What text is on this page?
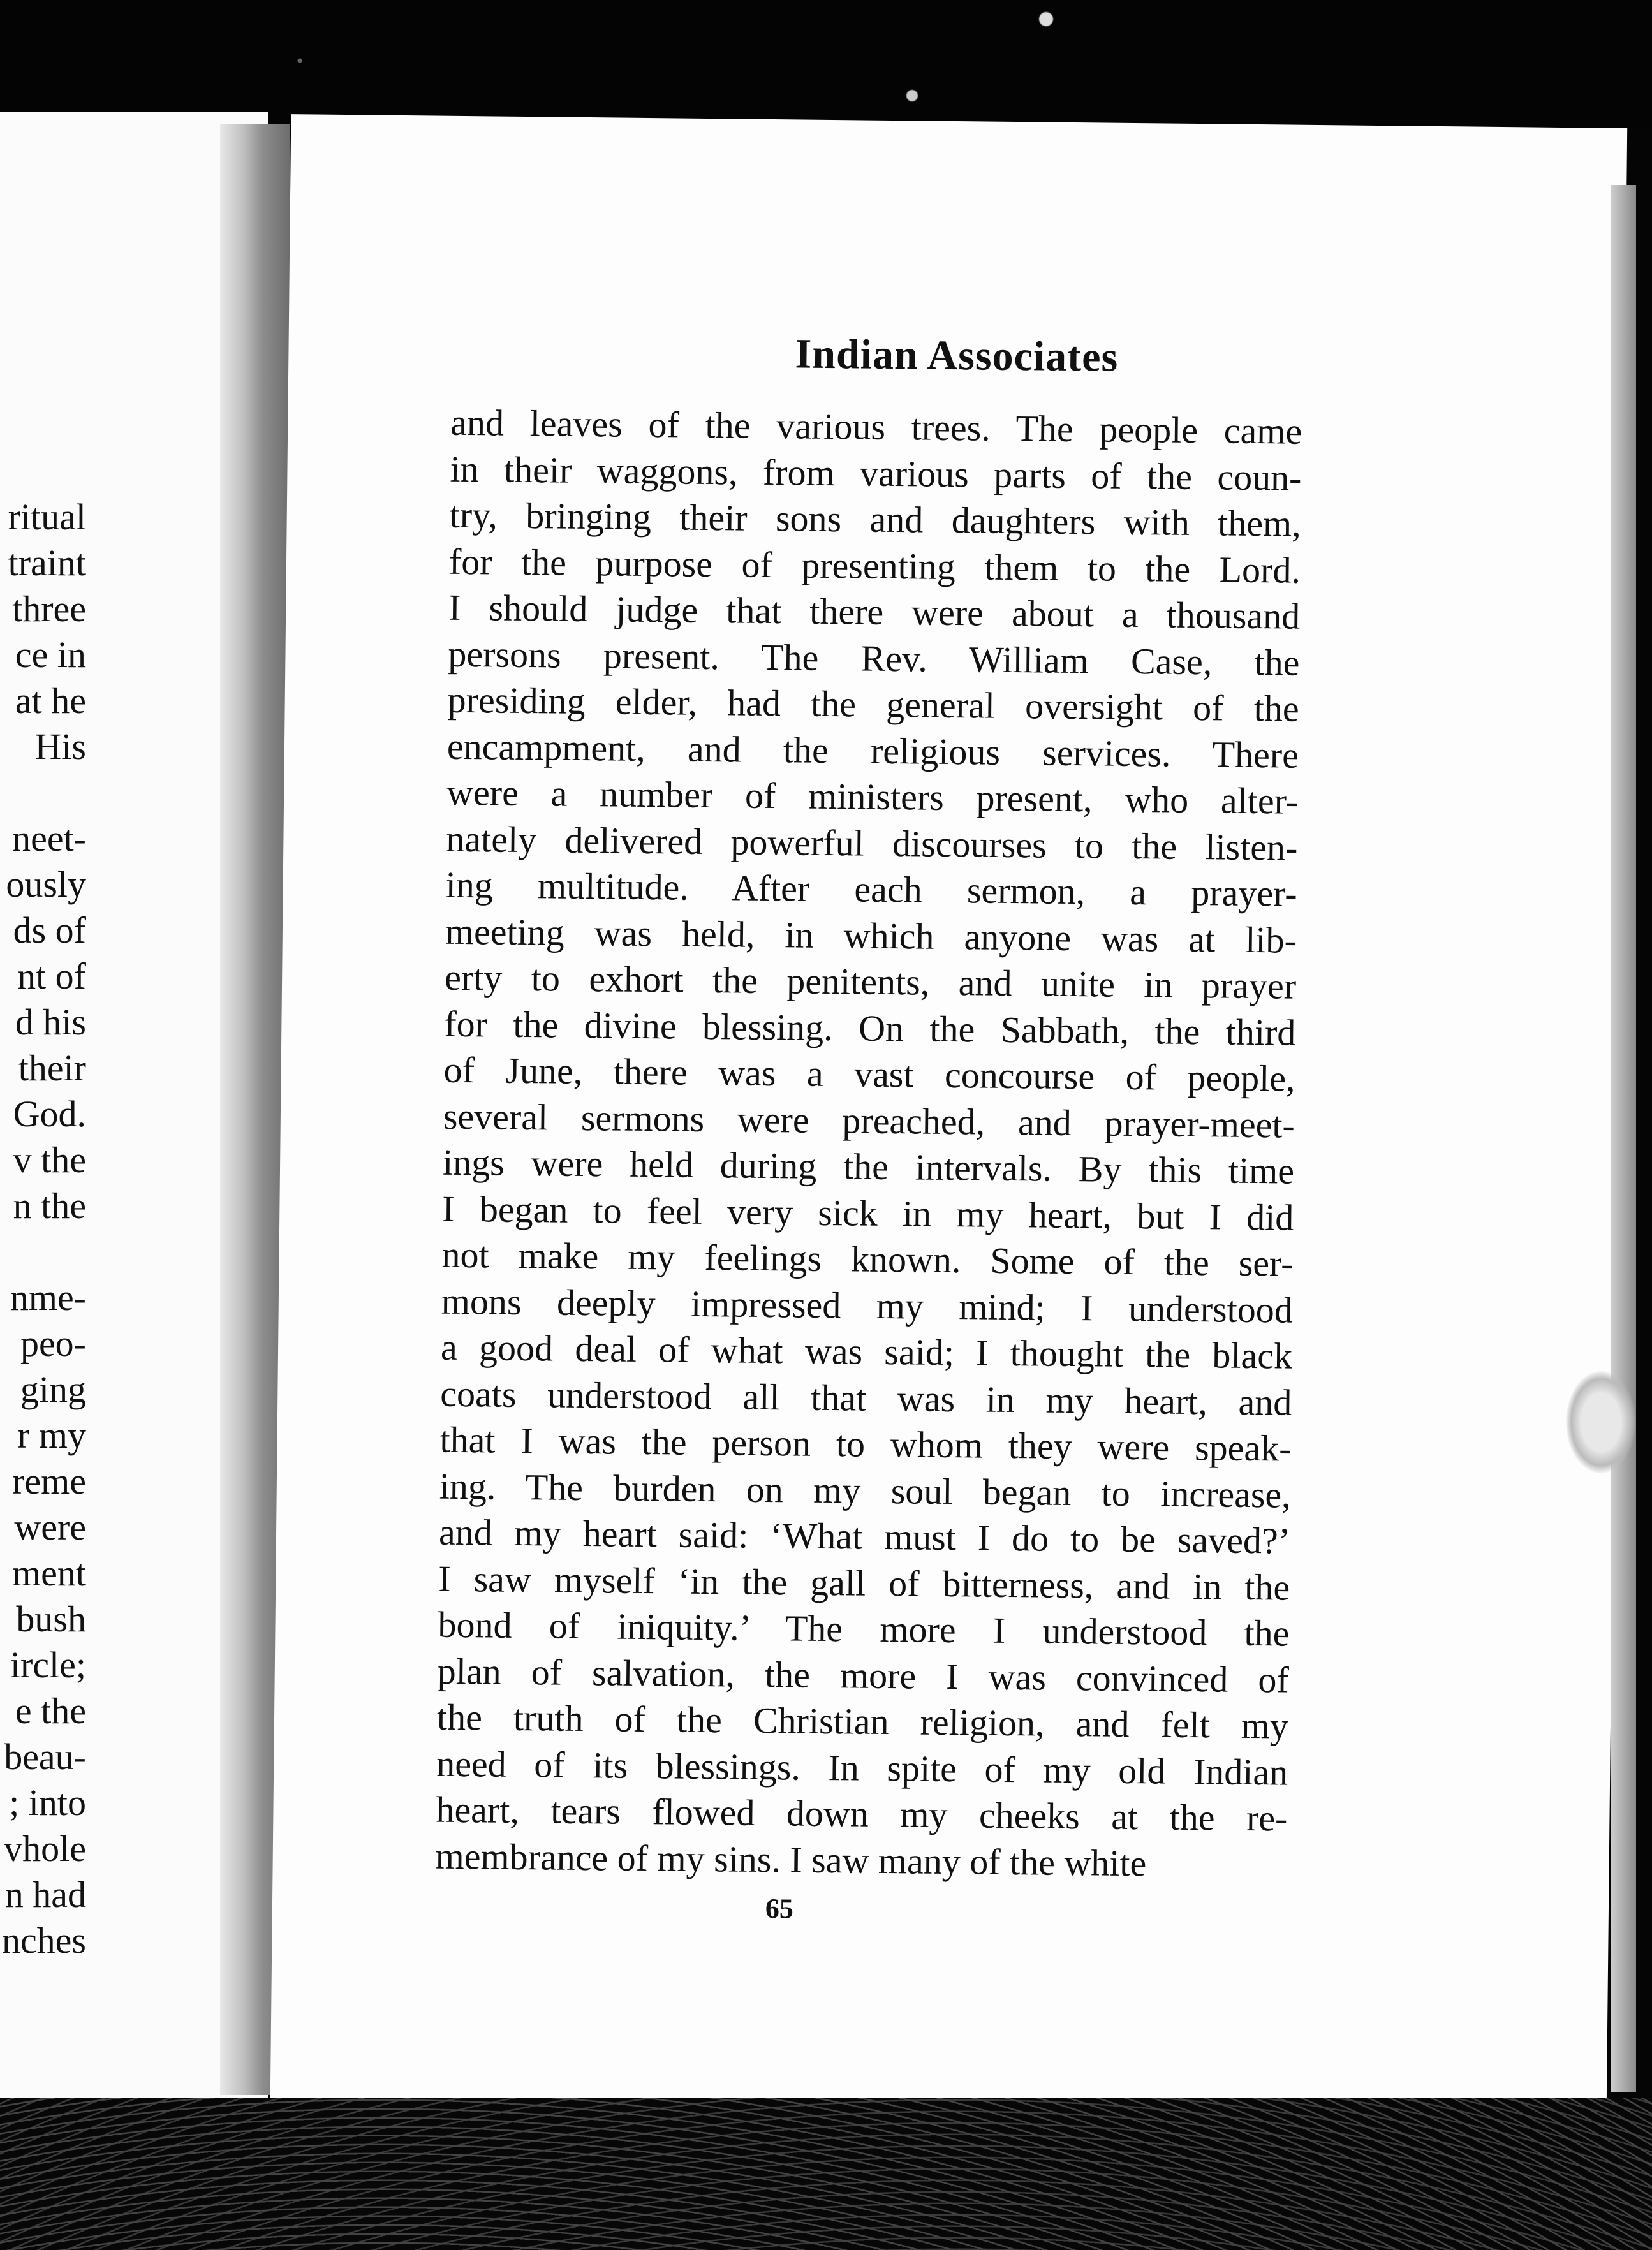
ritual
traint
three
ce in
at he
His
neet-
ously
ds of
nt of
d his
their
God.
v the
n the
nme-
peo-
ging
r my
reme
were
ment
bush
ircle;
e the
beau-
; into
vhole
n had
nches
Indian Associates
and leaves of the various trees. The people came
in their waggons, from various parts of the coun-
try, bringing their sons and daughters with them,
for the purpose of presenting them to the Lord.
I should judge that there were about a thousand
persons present. The Rev. William Case, the
presiding elder, had the general oversight of the
encampment, and the religious services. There
were a number of ministers present, who alter-
nately delivered powerful discourses to the listen-
ing multitude. After each sermon, a prayer-
meeting was held, in which anyone was at lib-
erty to exhort the penitents, and unite in prayer
for the divine blessing. On the Sabbath, the third
of June, there was a vast concourse of people,
several sermons were preached, and prayer-meet-
ings were held during the intervals. By this time
I began to feel very sick in my heart, but I did
not make my feelings known. Some of the ser-
mons deeply impressed my mind; I understood
a good deal of what was said; I thought the black
coats understood all that was in my heart, and
that I was the person to whom they were speak-
ing. The burden on my soul began to increase,
and my heart said: ‘What must I do to be saved?’
I saw myself ‘in the gall of bitterness, and in the
bond of iniquity.’ The more I understood the
plan of salvation, the more I was convinced of
the truth of the Christian religion, and felt my
need of its blessings. In spite of my old Indian
heart, tears flowed down my cheeks at the re-
membrance of my sins. I saw many of the white
65
